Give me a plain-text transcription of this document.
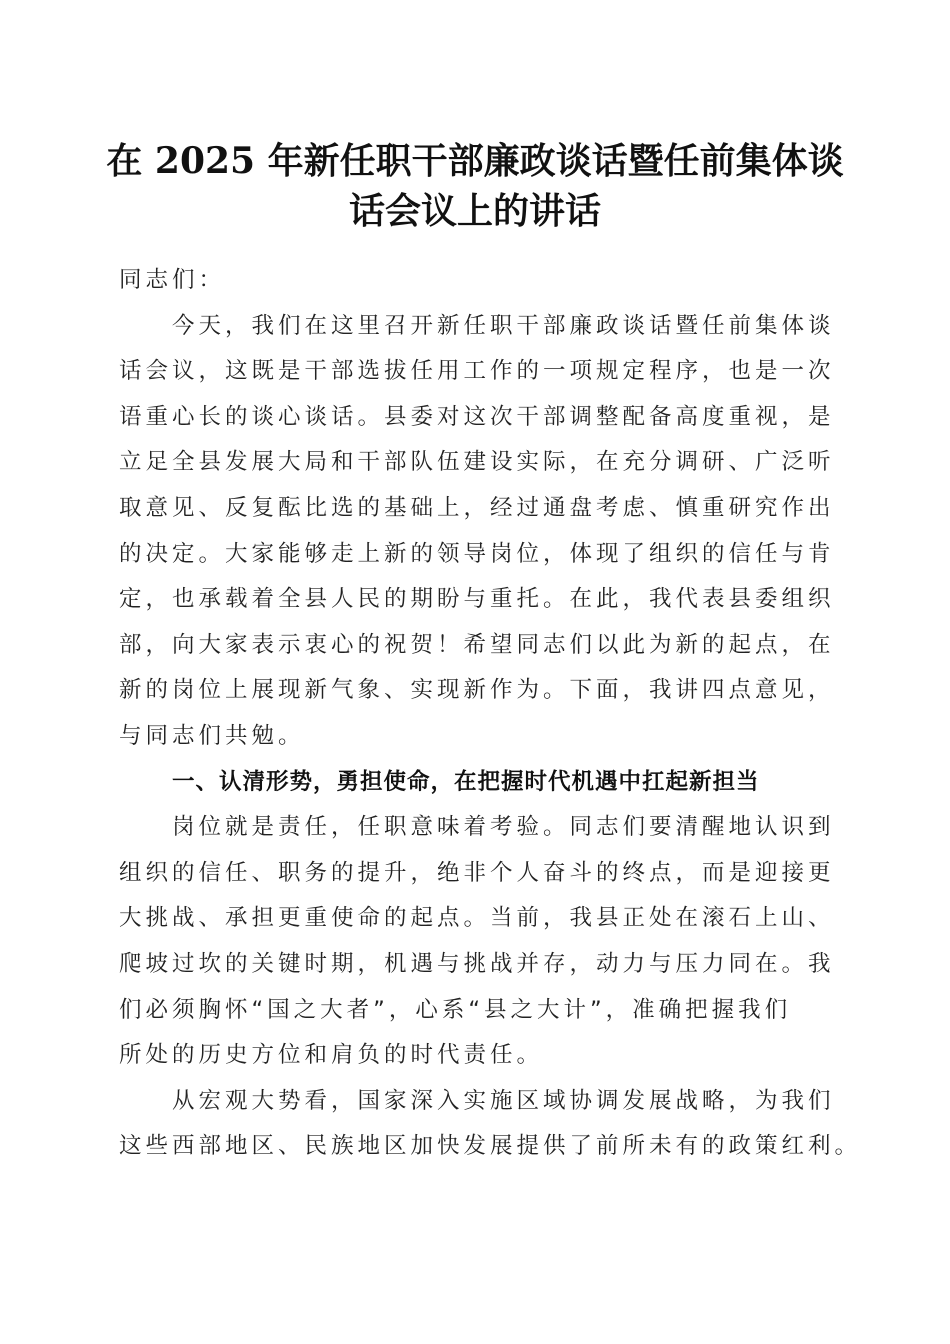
在 2025 年新任职干部廉政谈话暨任前集体谈
话会议上的讲话

同志们：

今天，我们在这里召开新任职干部廉政谈话暨任前集体谈
话会议，这既是干部选拔任用工作的一项规定程序，也是一次
语重心长的谈心谈话。县委对这次干部调整配备高度重视，是
立足全县发展大局和干部队伍建设实际，在充分调研、广泛听
取意见、反复酝比选的基础上，经过通盘考虑、慎重研究作出
的决定。大家能够走上新的领导岗位，体现了组织的信任与肯
定，也承载着全县人民的期盼与重托。在此，我代表县委组织
部，向大家表示衷心的祝贺！希望同志们以此为新的起点，在
新的岗位上展现新气象、实现新作为。下面，我讲四点意见，
与同志们共勉。

一、认清形势，勇担使命，在把握时代机遇中扛起新担当

岗位就是责任，任职意味着考验。同志们要清醒地认识到
组织的信任、职务的提升，绝非个人奋斗的终点，而是迎接更
大挑战、承担更重使命的起点。当前，我县正处在滚石上山、
爬坡过坎的关键时期，机遇与挑战并存，动力与压力同在。我
们必须胸怀“国之大者”，心系“县之大计”，准确把握我们
所处的历史方位和肩负的时代责任。

从宏观大势看，国家深入实施区域协调发展战略，为我们
这些西部地区、民族地区加快发展提供了前所未有的政策红利。
